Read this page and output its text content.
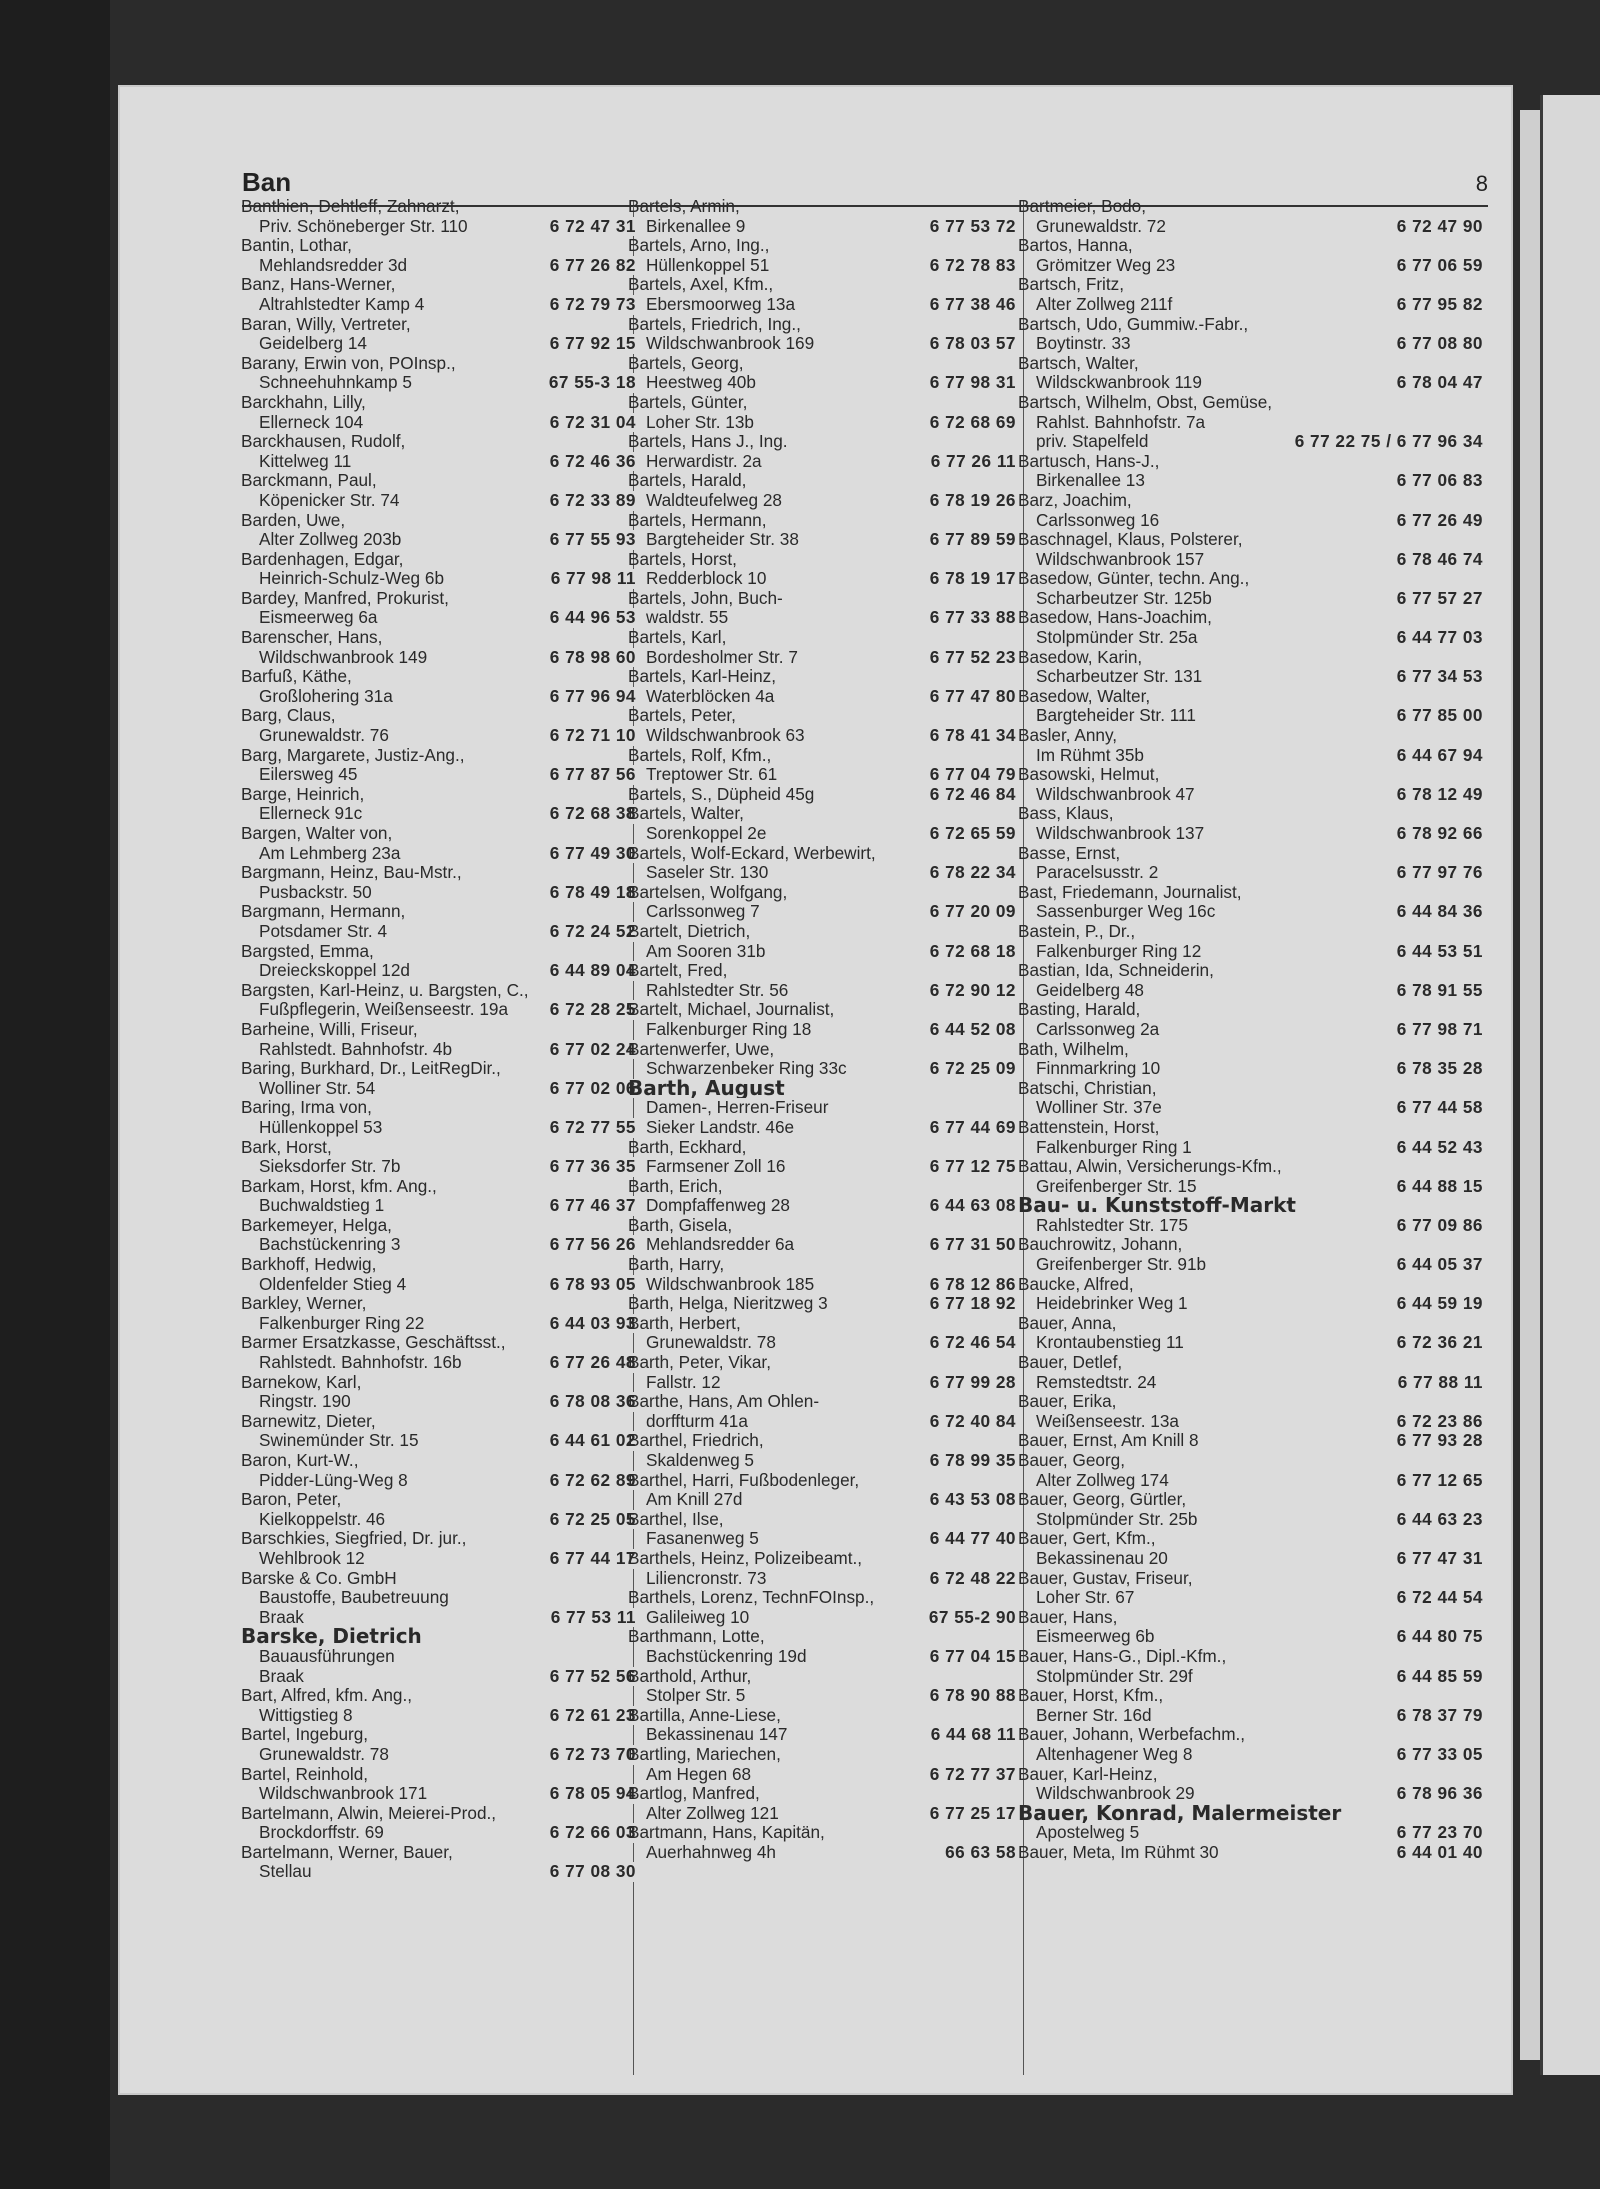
Ban	8
Banthien, Dehtleff, Zahnarzt,
Priv. Schöneberger Str. 110	6 72 47 31
Bantin, Lothar,
Mehlandsredder 3d	6 77 26 82
Banz, Hans-Werner,
Altrahlstedter Kamp 4	6 72 79 73
Baran, Willy, Vertreter,
Geidelberg 14	6 77 92 15
Barany, Erwin von, POInsp.,
Schneehuhnkamp 5	67 55-3 18
Barckhahn, Lilly,
Ellerneck 104	6 72 31 04
Barckhausen, Rudolf,
Kittelweg 11	6 72 46 36
Barckmann, Paul,
Köpenicker Str. 74	6 72 33 89
Barden, Uwe,
Alter Zollweg 203b	6 77 55 93
Bardenhagen, Edgar,
Heinrich-Schulz-Weg 6b	6 77 98 11
Bardey, Manfred, Prokurist,
Eismeerweg 6a	6 44 96 53
Barenscher, Hans,
Wildschwanbrook 149	6 78 98 60
Barfuß, Käthe,
Großlohering 31a	6 77 96 94
Barg, Claus,
Grunewaldstr. 76	6 72 71 10
Barg, Margarete, Justiz-Ang.,
Eilersweg 45	6 77 87 56
Barge, Heinrich,
Ellerneck 91c	6 72 68 38
Bargen, Walter von,
Am Lehmberg 23a	6 77 49 30
Bargmann, Heinz, Bau-Mstr.,
Pusbackstr. 50	6 78 49 18
Bargmann, Hermann,
Potsdamer Str. 4	6 72 24 52
Bargsted, Emma,
Dreieckskoppel 12d	6 44 89 04
Bargsten, Karl-Heinz, u. Bargsten, C.,
Fußpflegerin, Weißenseestr. 19a	6 72 28 25
Barheine, Willi, Friseur,
Rahlstedt. Bahnhofstr. 4b	6 77 02 24
Baring, Burkhard, Dr., LeitRegDir.,
Wolliner Str. 54	6 77 02 06
Baring, Irma von,
Hüllenkoppel 53	6 72 77 55
Bark, Horst,
Sieksdorfer Str. 7b	6 77 36 35
Barkam, Horst, kfm. Ang.,
Buchwaldstieg 1	6 77 46 37
Barkemeyer, Helga,
Bachstückenring 3	6 77 56 26
Barkhoff, Hedwig,
Oldenfelder Stieg 4	6 78 93 05
Barkley, Werner,
Falkenburger Ring 22	6 44 03 93
Barmer Ersatzkasse, Geschäftsst.,
Rahlstedt. Bahnhofstr. 16b	6 77 26 48
Barnekow, Karl,
Ringstr. 190	6 78 08 36
Barnewitz, Dieter,
Swinemünder Str. 15	6 44 61 02
Baron, Kurt-W.,
Pidder-Lüng-Weg 8	6 72 62 89
Baron, Peter,
Kielkoppelstr. 46	6 72 25 05
Barschkies, Siegfried, Dr. jur.,
Wehlbrook 12	6 77 44 17
Barske & Co. GmbH
Baustoffe, Baubetreuung
Braak	6 77 53 11
Barske, Dietrich
Bauausführungen
Braak	6 77 52 56
Bart, Alfred, kfm. Ang.,
Wittigstieg 8	6 72 61 23
Bartel, Ingeburg,
Grunewaldstr. 78	6 72 73 70
Bartel, Reinhold,
Wildschwanbrook 171	6 78 05 94
Bartelmann, Alwin, Meierei-Prod.,
Brockdorffstr. 69	6 72 66 03
Bartelmann, Werner, Bauer,
Stellau	6 77 08 30
Bartels, Armin,
Birkenallee 9	6 77 53 72
Bartels, Arno, Ing.,
Hüllenkoppel 51	6 72 78 83
Bartels, Axel, Kfm.,
Ebersmoorweg 13a	6 77 38 46
Bartels, Friedrich, Ing.,
Wildschwanbrook 169	6 78 03 57
Bartels, Georg,
Heestweg 40b	6 77 98 31
Bartels, Günter,
Loher Str. 13b	6 72 68 69
Bartels, Hans J., Ing.
Herwardistr. 2a	6 77 26 11
Bartels, Harald,
Waldteufelweg 28	6 78 19 26
Bartels, Hermann,
Bargteheider Str. 38	6 77 89 59
Bartels, Horst,
Redderblock 10	6 78 19 17
Bartels, John, Buch-
waldstr. 55	6 77 33 88
Bartels, Karl,
Bordesholmer Str. 7	6 77 52 23
Bartels, Karl-Heinz,
Waterblöcken 4a	6 77 47 80
Bartels, Peter,
Wildschwanbrook 63	6 78 41 34
Bartels, Rolf, Kfm.,
Treptower Str. 61	6 77 04 79
Bartels, S., Düpheid 45g	6 72 46 84
Bartels, Walter,
Sorenkoppel 2e	6 72 65 59
Bartels, Wolf-Eckard, Werbewirt,
Saseler Str. 130	6 78 22 34
Bartelsen, Wolfgang,
Carlssonweg 7	6 77 20 09
Bartelt, Dietrich,
Am Sooren 31b	6 72 68 18
Bartelt, Fred,
Rahlstedter Str. 56	6 72 90 12
Bartelt, Michael, Journalist,
Falkenburger Ring 18	6 44 52 08
Bartenwerfer, Uwe,
Schwarzenbeker Ring 33c	6 72 25 09
Barth, August
Damen-, Herren-Friseur
Sieker Landstr. 46e	6 77 44 69
Barth, Eckhard,
Farmsener Zoll 16	6 77 12 75
Barth, Erich,
Dompfaffenweg 28	6 44 63 08
Barth, Gisela,
Mehlandsredder 6a	6 77 31 50
Barth, Harry,
Wildschwanbrook 185	6 78 12 86
Barth, Helga, Nieritzweg 3	6 77 18 92
Barth, Herbert,
Grunewaldstr. 78	6 72 46 54
Barth, Peter, Vikar,
Fallstr. 12	6 77 99 28
Barthe, Hans, Am Ohlen-
dorffturm 41a	6 72 40 84
Barthel, Friedrich,
Skaldenweg 5	6 78 99 35
Barthel, Harri, Fußbodenleger,
Am Knill 27d	6 43 53 08
Barthel, Ilse,
Fasanenweg 5	6 44 77 40
Barthels, Heinz, Polizeibeamt.,
Liliencronstr. 73	6 72 48 22
Barthels, Lorenz, TechnFOInsp.,
Galileiweg 10	67 55-2 90
Barthmann, Lotte,
Bachstückenring 19d	6 77 04 15
Barthold, Arthur,
Stolper Str. 5	6 78 90 88
Bartilla, Anne-Liese,
Bekassinenau 147	6 44 68 11
Bartling, Mariechen,
Am Hegen 68	6 72 77 37
Bartlog, Manfred,
Alter Zollweg 121	6 77 25 17
Bartmann, Hans, Kapitän,
Auerhahnweg 4h	66 63 58
Bartmeier, Bodo,
Grunewaldstr. 72	6 72 47 90
Bartos, Hanna,
Grömitzer Weg 23	6 77 06 59
Bartsch, Fritz,
Alter Zollweg 211f	6 77 95 82
Bartsch, Udo, Gummiw.-Fabr.,
Boytinstr. 33	6 77 08 80
Bartsch, Walter,
Wildsckwanbrook 119	6 78 04 47
Bartsch, Wilhelm, Obst, Gemüse,
Rahlst. Bahnhofstr. 7a
priv. Stapelfeld	6 77 22 75 / 6 77 96 34
Bartusch, Hans-J.,
Birkenallee 13	6 77 06 83
Barz, Joachim,
Carlssonweg 16	6 77 26 49
Baschnagel, Klaus, Polsterer,
Wildschwanbrook 157	6 78 46 74
Basedow, Günter, techn. Ang.,
Scharbeutzer Str. 125b	6 77 57 27
Basedow, Hans-Joachim,
Stolpmünder Str. 25a	6 44 77 03
Basedow, Karin,
Scharbeutzer Str. 131	6 77 34 53
Basedow, Walter,
Bargteheider Str. 111	6 77 85 00
Basler, Anny,
Im Rühmt 35b	6 44 67 94
Basowski, Helmut,
Wildschwanbrook 47	6 78 12 49
Bass, Klaus,
Wildschwanbrook 137	6 78 92 66
Basse, Ernst,
Paracelsusstr. 2	6 77 97 76
Bast, Friedemann, Journalist,
Sassenburger Weg 16c	6 44 84 36
Bastein, P., Dr.,
Falkenburger Ring 12	6 44 53 51
Bastian, Ida, Schneiderin,
Geidelberg 48	6 78 91 55
Basting, Harald,
Carlssonweg 2a	6 77 98 71
Bath, Wilhelm,
Finnmarkring 10	6 78 35 28
Batschi, Christian,
Wolliner Str. 37e	6 77 44 58
Battenstein, Horst,
Falkenburger Ring 1	6 44 52 43
Battau, Alwin, Versicherungs-Kfm.,
Greifenberger Str. 15	6 44 88 15
Bau- u. Kunststoff-Markt
Rahlstedter Str. 175	6 77 09 86
Bauchrowitz, Johann,
Greifenberger Str. 91b	6 44 05 37
Baucke, Alfred,
Heidebrinker Weg 1	6 44 59 19
Bauer, Anna,
Krontaubenstieg 11	6 72 36 21
Bauer, Detlef,
Remstedtstr. 24	6 77 88 11
Bauer, Erika,
Weißenseestr. 13a	6 72 23 86
Bauer, Ernst, Am Knill 8	6 77 93 28
Bauer, Georg,
Alter Zollweg 174	6 77 12 65
Bauer, Georg, Gürtler,
Stolpmünder Str. 25b	6 44 63 23
Bauer, Gert, Kfm.,
Bekassinenau 20	6 77 47 31
Bauer, Gustav, Friseur,
Loher Str. 67	6 72 44 54
Bauer, Hans,
Eismeerweg 6b	6 44 80 75
Bauer, Hans-G., Dipl.-Kfm.,
Stolpmünder Str. 29f	6 44 85 59
Bauer, Horst, Kfm.,
Berner Str. 16d	6 78 37 79
Bauer, Johann, Werbefachm.,
Altenhagener Weg 8	6 77 33 05
Bauer, Karl-Heinz,
Wildschwanbrook 29	6 78 96 36
Bauer, Konrad, Malermeister
Apostelweg 5	6 77 23 70
Bauer, Meta, Im Rühmt 30	6 44 01 40
